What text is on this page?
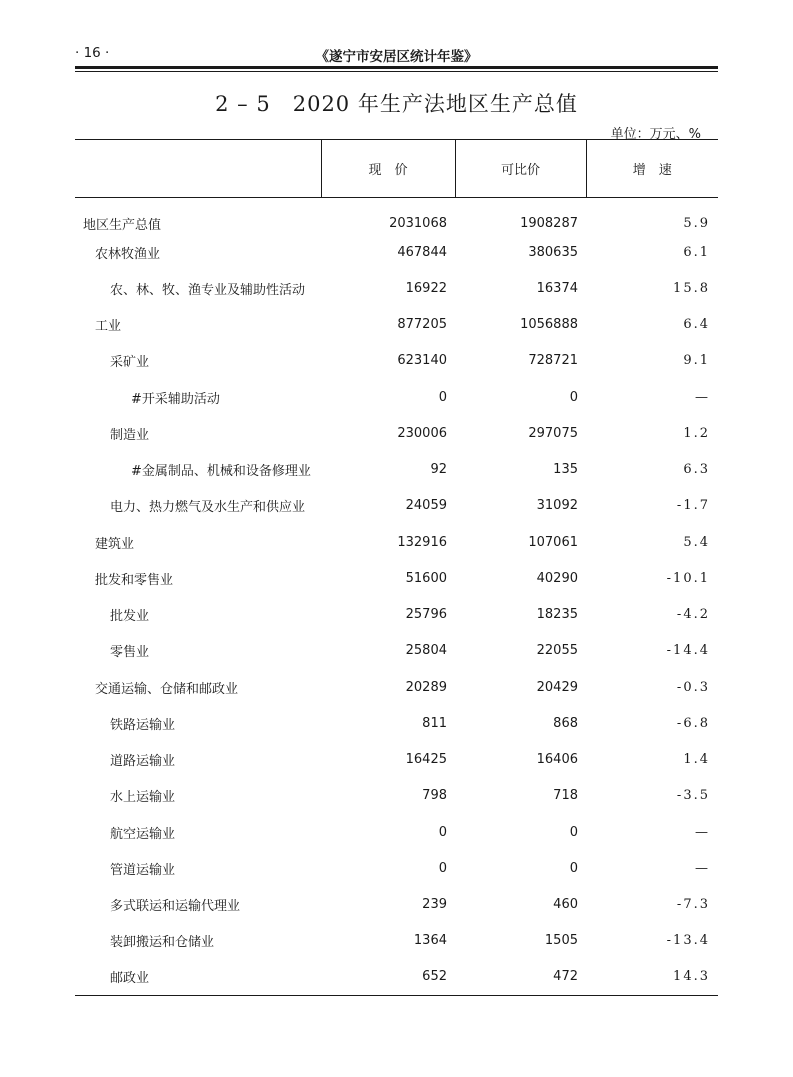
· 16 ·	《遂宁市安居区统计年鉴》
2 – 5 2020 年生产法地区生产总值
单位：万元、%
	现　价	可比价	增　速
地区生产总值	2031068	1908287	5.9
农林牧渔业	467844	380635	6.1
农、林、牧、渔专业及辅助性活动	16922	16374	15.8
工业	877205	1056888	6.4
采矿业	623140	728721	9.1
#开采辅助活动	0	0	—
制造业	230006	297075	1.2
#金属制品、机械和设备修理业	92	135	6.3
电力、热力燃气及水生产和供应业	24059	31092	-1.7
建筑业	132916	107061	5.4
批发和零售业	51600	40290	-10.1
批发业	25796	18235	-4.2
零售业	25804	22055	-14.4
交通运输、仓储和邮政业	20289	20429	-0.3
铁路运输业	811	868	-6.8
道路运输业	16425	16406	1.4
水上运输业	798	718	-3.5
航空运输业	0	0	—
管道运输业	0	0	—
多式联运和运输代理业	239	460	-7.3
装卸搬运和仓储业	1364	1505	-13.4
邮政业	652	472	14.3
